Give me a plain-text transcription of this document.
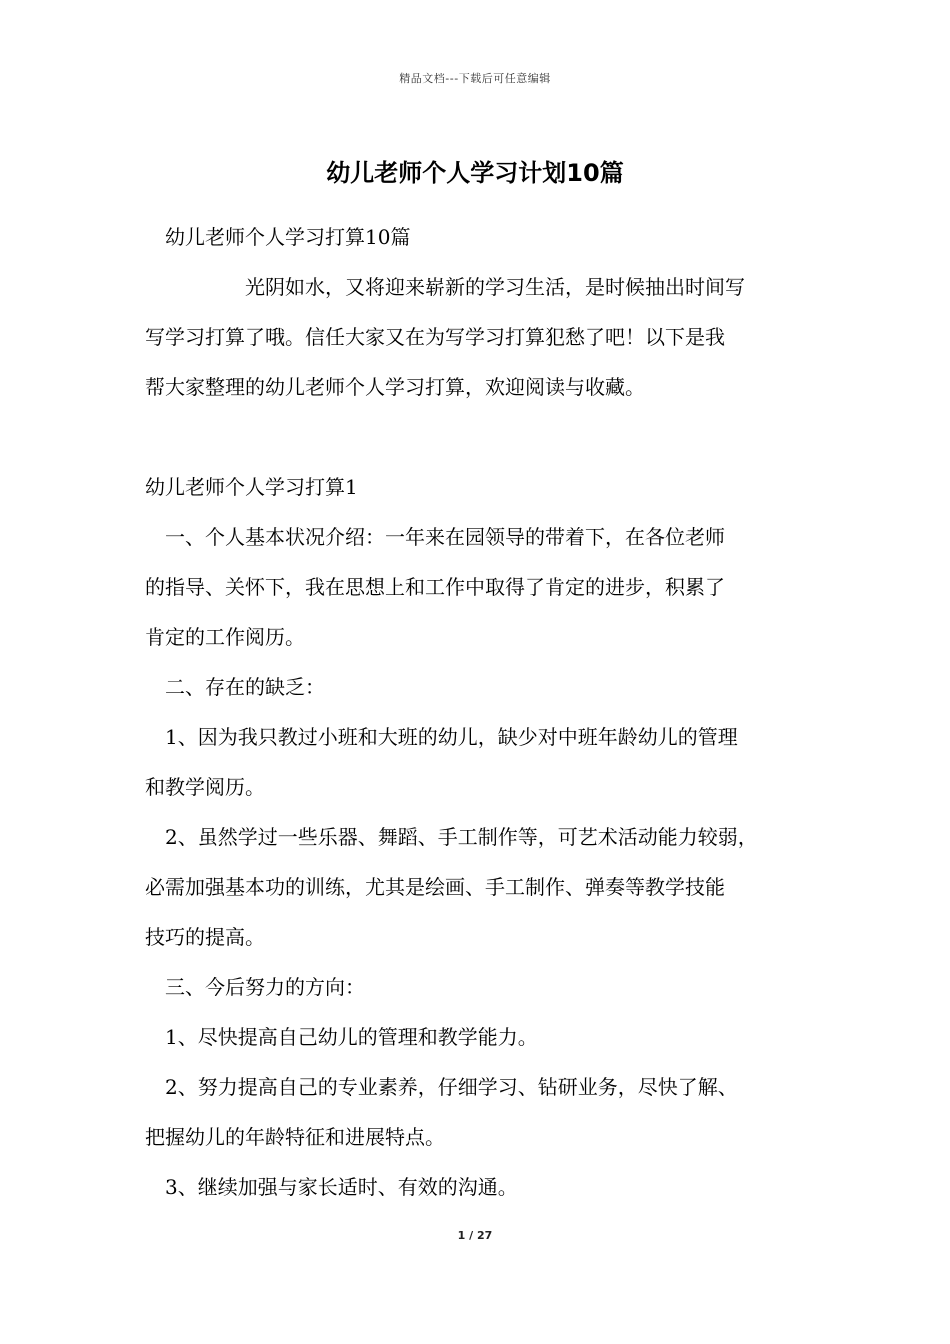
精品文档---下载后可任意编辑
幼儿老师个人学习计划10篇

幼儿老师个人学习打算10篇

光阴如水，又将迎来崭新的学习生活，是时候抽出时间写
写学习打算了哦。信任大家又在为写学习打算犯愁了吧！以下是我
帮大家整理的幼儿老师个人学习打算，欢迎阅读与收藏。

幼儿老师个人学习打算1

一、个人基本状况介绍：一年来在园领导的带着下，在各位老师
的指导、关怀下，我在思想上和工作中取得了肯定的进步，积累了
肯定的工作阅历。

二、存在的缺乏：

1、因为我只教过小班和大班的幼儿，缺少对中班年龄幼儿的管理
和教学阅历。

2、虽然学过一些乐器、舞蹈、手工制作等，可艺术活动能力较弱，
必需加强基本功的训练，尤其是绘画、手工制作、弹奏等教学技能
技巧的提高。

三、今后努力的方向：

1、尽快提高自己幼儿的管理和教学能力。

2、努力提高自己的专业素养，仔细学习、钻研业务，尽快了解、
把握幼儿的年龄特征和进展特点。

3、继续加强与家长适时、有效的沟通。

1 / 27
